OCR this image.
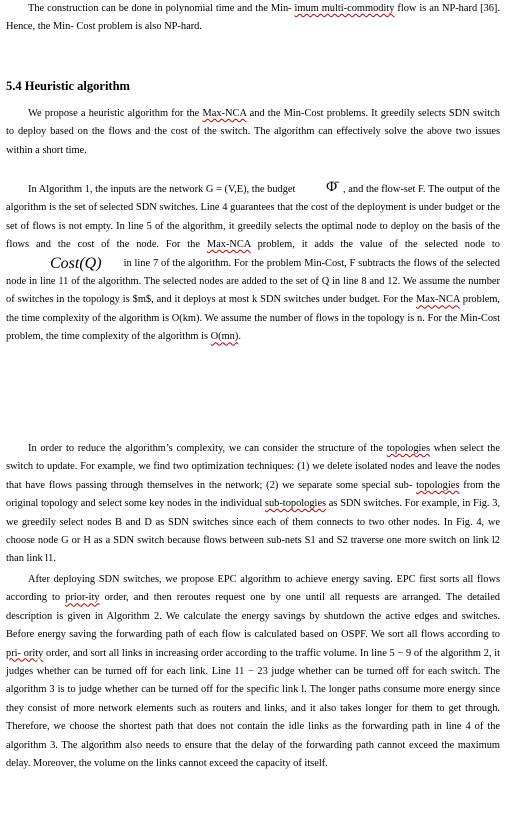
The construction can be done in polynomial time and the Min- imum multi-commodity flow is an NP-hard [36]. Hence, the Min- Cost problem is also NP-hard.

5.4 Heuristic algorithm

We propose a heuristic algorithm for the Max-NCA and the Min-Cost problems. It greedily selects SDN switch to deploy based on the flows and the cost of the switch. The algorithm can effectively solve the above two issues within a short time.

In Algorithm 1, the inputs are the network G = (V,E), the budget Φ̄ , and the flow-set F. The output of the algorithm is the set of selected SDN switches. Line 4 guarantees that the cost of the deployment is under budget or the set of flows is not empty. In line 5 of the algorithm, it greedily selects the optimal node to deploy on the basis of the flows and the cost of the node. For the Max-NCA problem, it adds the value of the selected node toCost(Q) in line 7 of the algorithm. For the problem Min-Cost, F subtracts the flows of the selected node in line 11 of the algorithm. The selected nodes are added to the set of Q in line 8 and 12. We assume the number of switches in the topology is $m$, and it deploys at most k SDN switches under budget. For the Max-NCA problem, the time complexity of the algorithm is O(km). We assume the number of flows in the topology is n. For the Min-Cost problem, the time complexity of the algorithm is O(mn).

In order to reduce the algorithm’s complexity, we can consider the structure of the topologies when select the switch to update. For example, we find two optimization techniques: (1) we delete isolated nodes and leave the nodes that have flows passing through themselves in the network; (2) we separate some special sub- topologies from the original topology and select some key nodes in the individual sub-topologies as SDN switches. For example, in Fig. 3, we greedily select nodes B and D as SDN switches since each of them connects to two other nodes. In Fig. 4, we choose node G or H as a SDN switch because flows between sub-nets S1 and S2 traverse one more switch on link l2 than link l1.

After deploying SDN switches, we propose EPC algorithm to achieve energy saving. EPC first sorts all flows according to prior-ity order, and then reroutes request one by one until all requests are arranged. The detailed description is given in Algorithm 2. We calculate the energy savings by shutdown the active edges and switches. Before energy saving the forwarding path of each flow is calculated based on OSPF. We sort all flows according to pri- ority order, and sort all links in increasing order according to the traffic volume. In line 5 − 9 of the algorithm 2, it judges whether can be turned off for each link. Line 11 − 23 judge whether can be turned off for each switch. The algorithm 3 is to judge whether can be turned off for the specific link l. The longer paths consume more energy since they consist of more network elements such as routers and links, and it also takes longer for them to get through. Therefore, we choose the shortest path that does not contain the idle links as the forwarding path in line 4 of the algorithm 3. The algorithm also needs to ensure that the delay of the forwarding path cannot exceed the maximum delay. Moreover, the volume on the links cannot exceed the capacity of itself.
